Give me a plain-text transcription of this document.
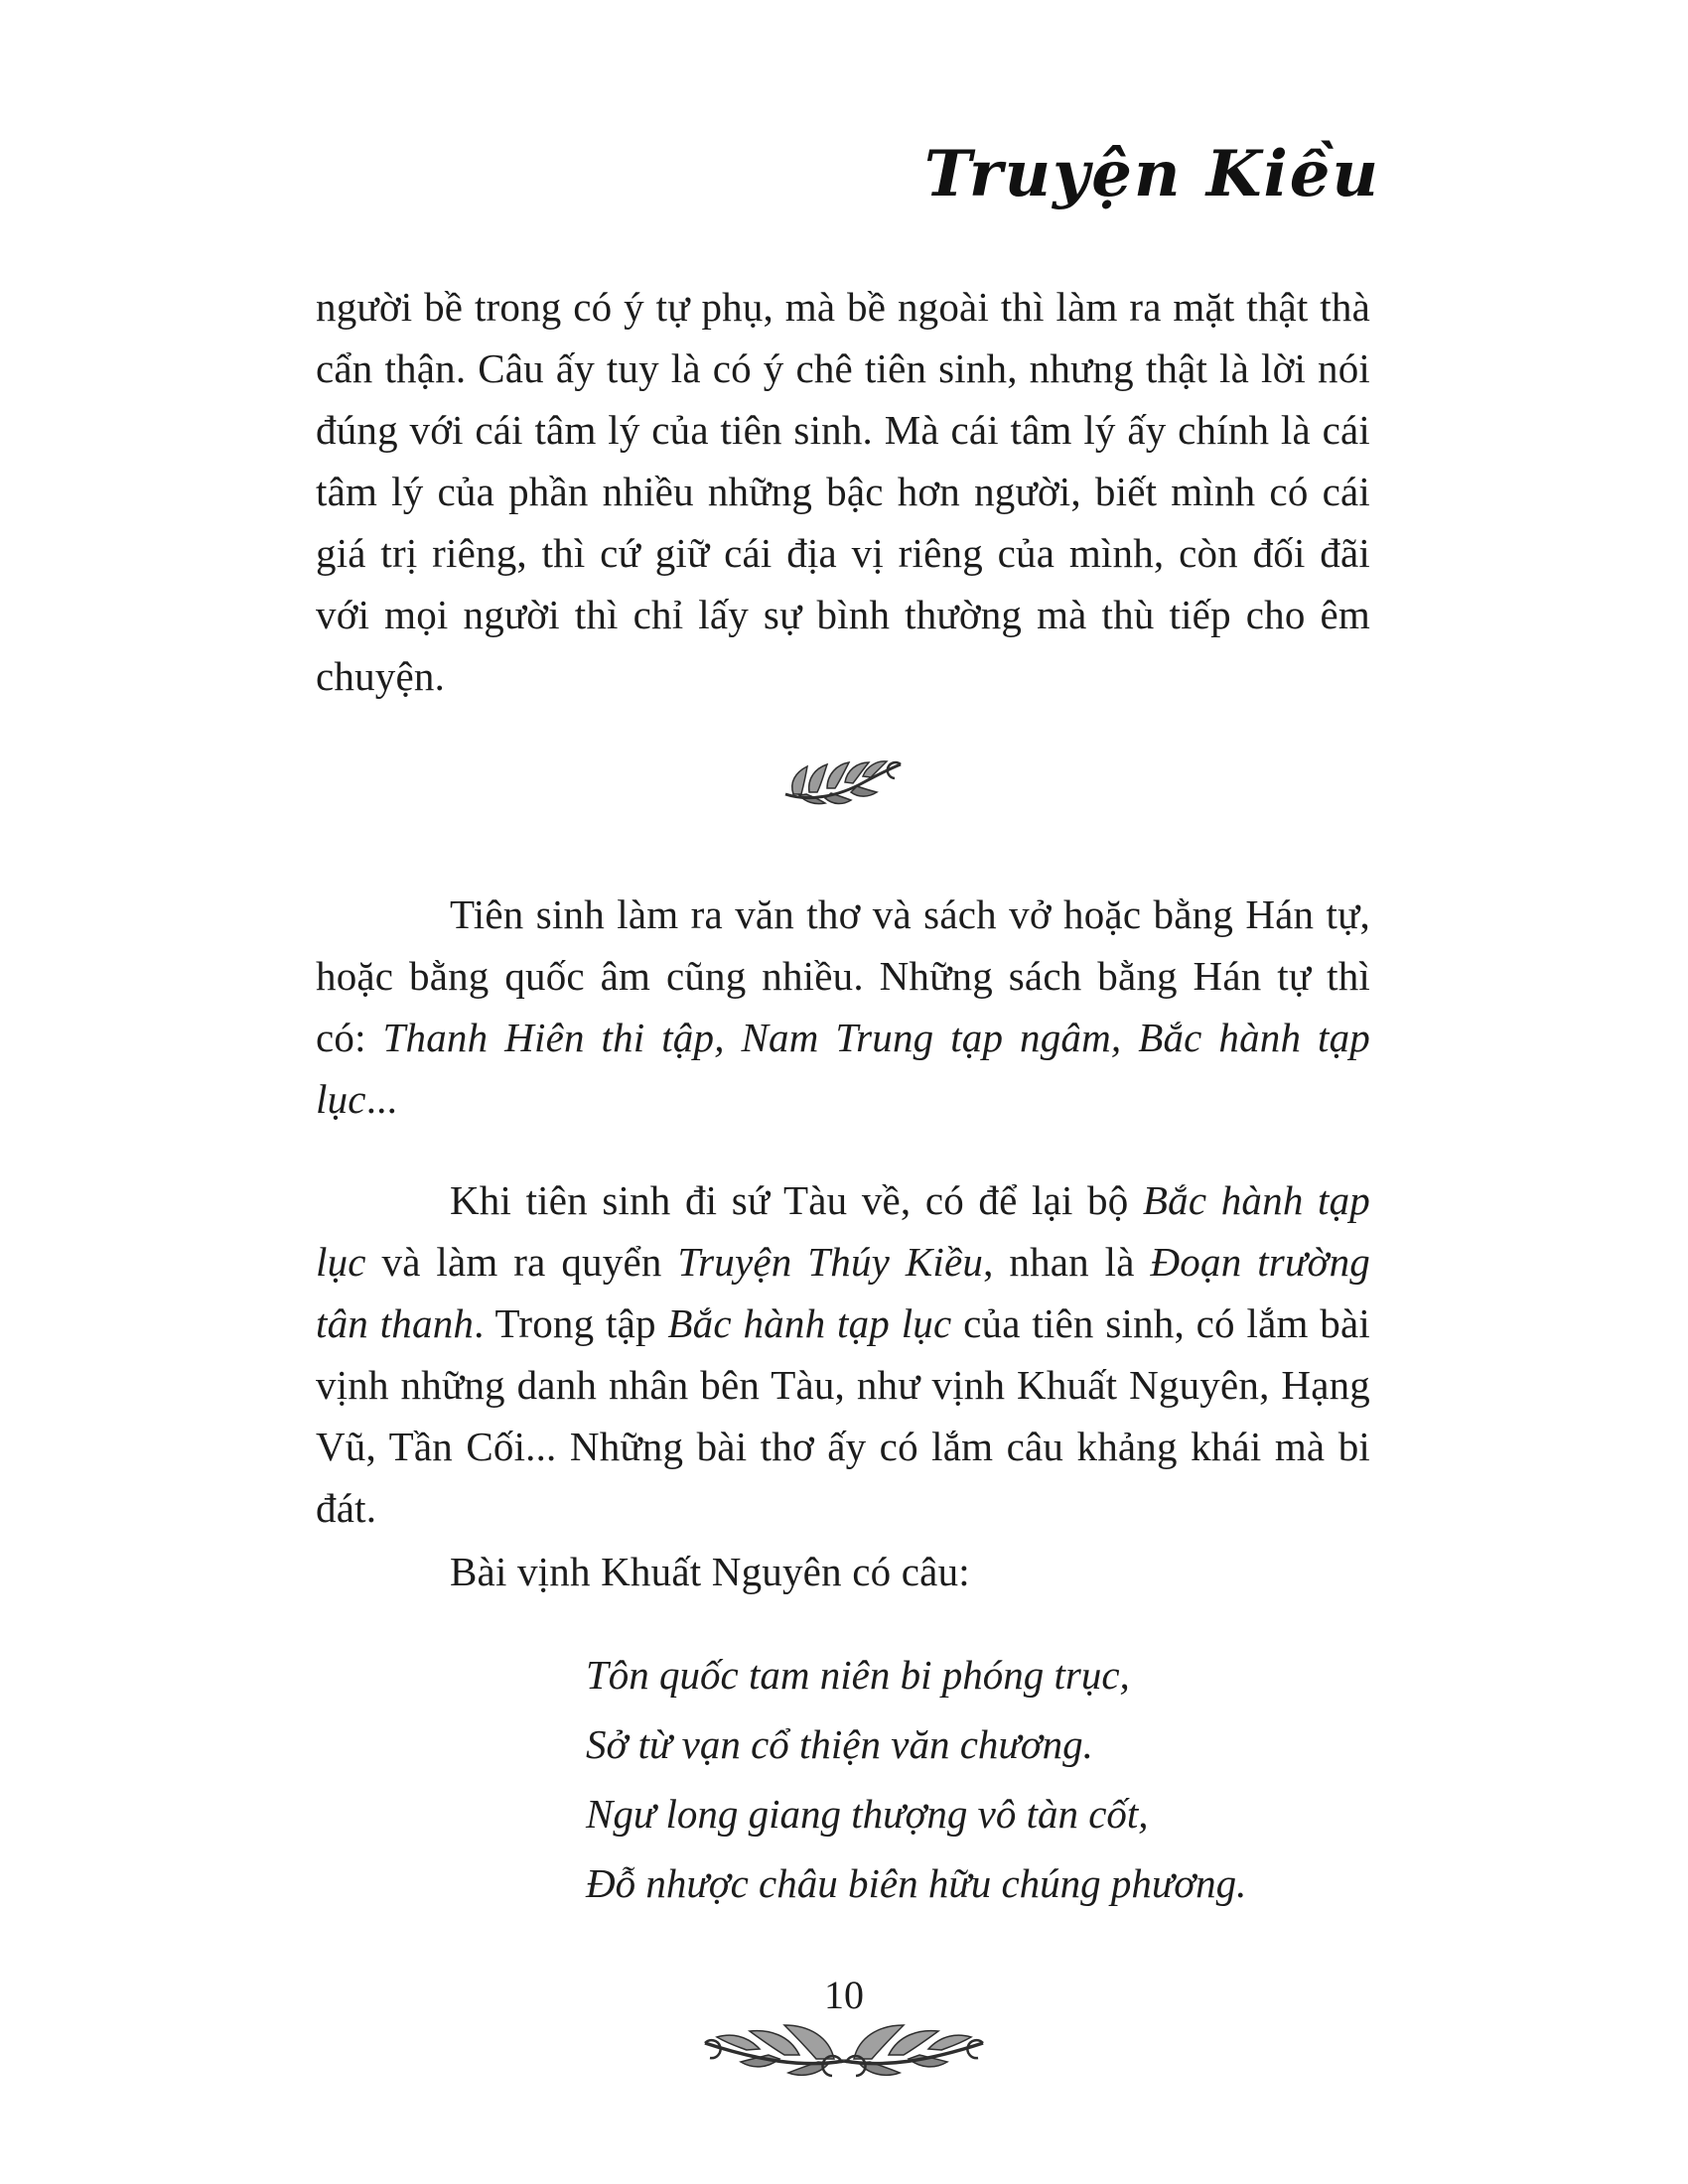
Truyện Kiều
người bề trong có ý tự phụ, mà bề ngoài thì làm ra mặt thật thà cẩn thận. Câu ấy tuy là có ý chê tiên sinh, nhưng thật là lời nói đúng với cái tâm lý của tiên sinh. Mà cái tâm lý ấy chính là cái tâm lý của phần nhiều những bậc hơn người, biết mình có cái giá trị riêng, thì cứ giữ cái địa vị riêng của mình, còn đối đãi với mọi người thì chỉ lấy sự bình thường mà thù tiếp cho êm chuyện.
Tiên sinh làm ra văn thơ và sách vở hoặc bằng Hán tự, hoặc bằng quốc âm cũng nhiều. Những sách bằng Hán tự thì có: Thanh Hiên thi tập, Nam Trung tạp ngâm, Bắc hành tạp lục...
Khi tiên sinh đi sứ Tàu về, có để lại bộ Bắc hành tạp lục và làm ra quyển Truyện Thúy Kiều, nhan là Đoạn trường tân thanh. Trong tập Bắc hành tạp lục của tiên sinh, có lắm bài vịnh những danh nhân bên Tàu, như vịnh Khuất Nguyên, Hạng Vũ, Tần Cối... Những bài thơ ấy có lắm câu khảng khái mà bi đát.
Bài vịnh Khuất Nguyên có câu:
Tôn quốc tam niên bi phóng trục,
Sở từ vạn cổ thiện văn chương.
Ngư long giang thượng vô tàn cốt,
Đỗ nhược châu biên hữu chúng phương.
10
